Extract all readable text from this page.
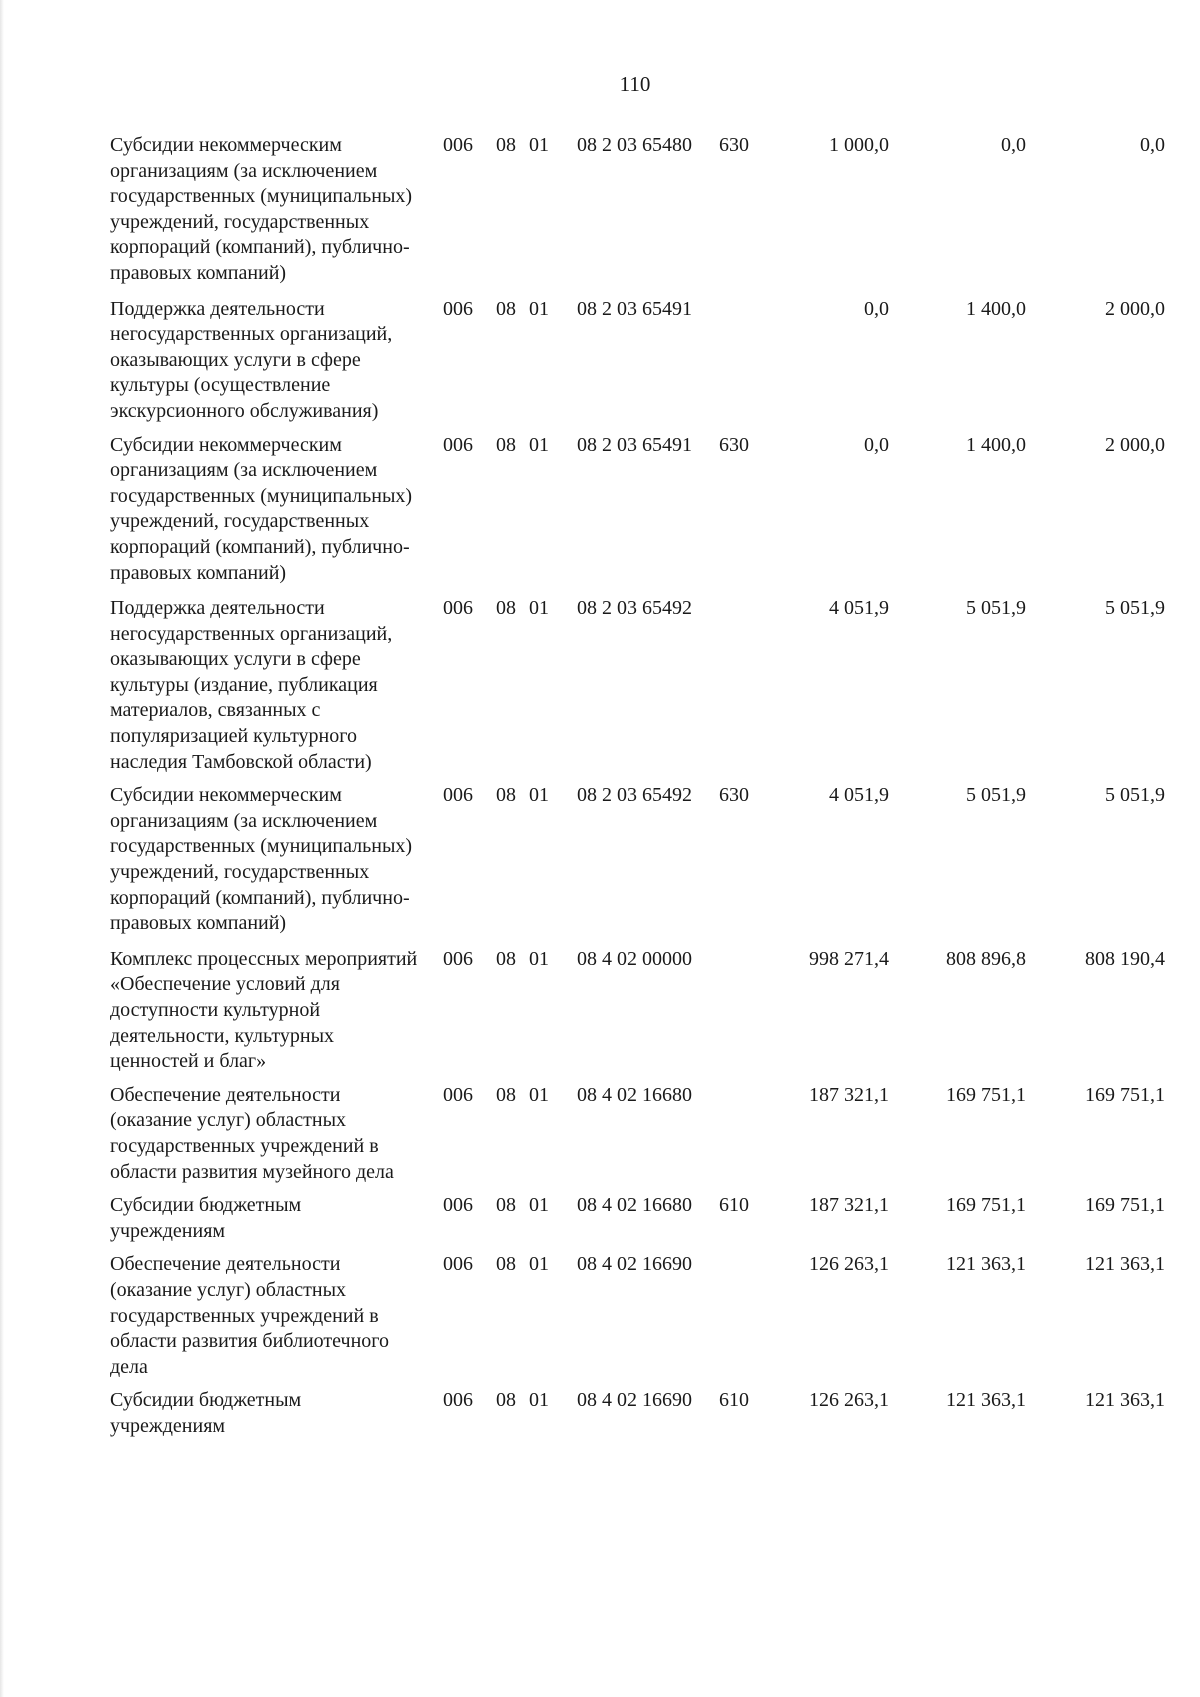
110
Субсидии некоммерческим организациям (за исключением государственных (муниципальных) учреждений, государственных корпораций (компаний), публично-правовых компаний)
006 08 01 08 2 03 65480 630	1 000,0	0,0	0,0
Поддержка деятельности негосударственных организаций, оказывающих услуги в сфере культуры (осуществление экскурсионного обслуживания)
006 08 01 08 2 03 65491	0,0	1 400,0	2 000,0
Субсидии некоммерческим организациям (за исключением государственных (муниципальных) учреждений, государственных корпораций (компаний), публично-правовых компаний)
006 08 01 08 2 03 65491 630	0,0	1 400,0	2 000,0
Поддержка деятельности негосударственных организаций, оказывающих услуги в сфере культуры (издание, публикация материалов, связанных с популяризацией культурного наследия Тамбовской области)
006 08 01 08 2 03 65492	4 051,9	5 051,9	5 051,9
Субсидии некоммерческим организациям (за исключением государственных (муниципальных) учреждений, государственных корпораций (компаний), публично-правовых компаний)
006 08 01 08 2 03 65492 630	4 051,9	5 051,9	5 051,9
Комплекс процессных мероприятий «Обеспечение условий для доступности культурной деятельности, культурных ценностей и благ»
006 08 01 08 4 02 00000	998 271,4	808 896,8	808 190,4
Обеспечение деятельности (оказание услуг) областных государственных учреждений в области развития музейного дела
006 08 01 08 4 02 16680	187 321,1	169 751,1	169 751,1
Субсидии бюджетным учреждениям
006 08 01 08 4 02 16680 610	187 321,1	169 751,1	169 751,1
Обеспечение деятельности (оказание услуг) областных государственных учреждений в области развития библиотечного дела
006 08 01 08 4 02 16690	126 263,1	121 363,1	121 363,1
Субсидии бюджетным учреждениям
006 08 01 08 4 02 16690 610	126 263,1	121 363,1	121 363,1
